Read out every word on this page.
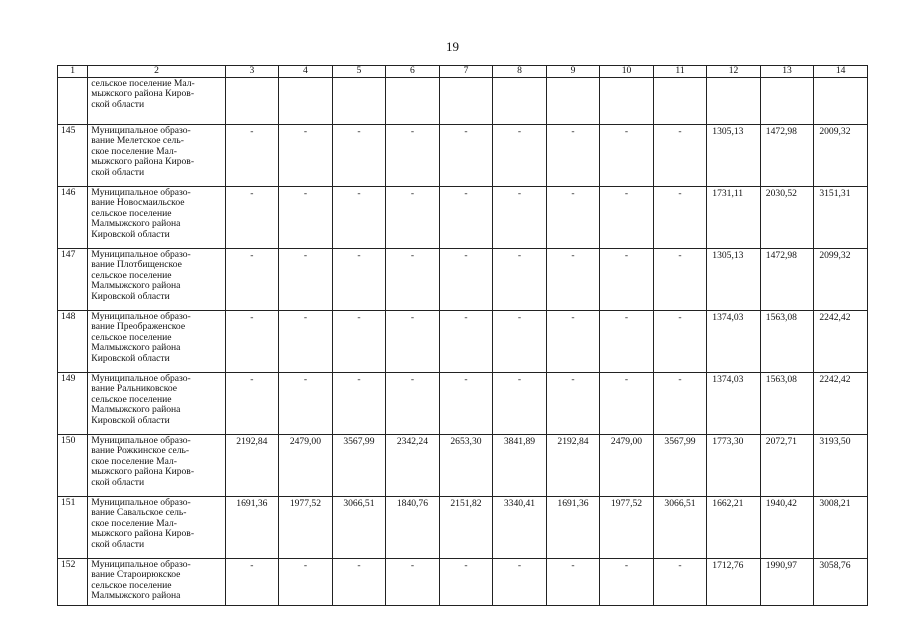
19
1	2	3	4	5	6	7	8	9	10	11	12	13	14

	сельское поселение Мал-
мыжского района Киров-
ской области												

145	Муниципальное образо-
вание Мелетское сель-
ское поселение Мал-
мыжского района Киров-
ской области	-	-	-	-	-	-	-	-	-	1305,13	1472,98	2009,32
146	Муниципальное образо-
вание Новосмаильское
сельское поселение
Малмыжского района
Кировской области	-	-	-	-	-	-	-	-	-	1731,11	2030,52	3151,31
147	Муниципальное образо-
вание Плотбищенское
сельское поселение
Малмыжского района
Кировской области	-	-	-	-	-	-	-	-	-	1305,13	1472,98	2099,32
148	Муниципальное образо-
вание Преображенское
сельское поселение
Малмыжского района
Кировской области	-	-	-	-	-	-	-	-	-	1374,03	1563,08	2242,42
149	Муниципальное образо-
вание Ральниковское
сельское поселение
Малмыжского района
Кировской области	-	-	-	-	-	-	-	-	-	1374,03	1563,08	2242,42
150	Муниципальное образо-
вание Рожкинское сель-
ское поселение Мал-
мыжского района Киров-
ской области	2192,84	2479,00	3567,99	2342,24	2653,30	3841,89	2192,84	2479,00	3567,99	1773,30	2072,71	3193,50
151	Муниципальное образо-
вание Савальское сель-
ское поселение Мал-
мыжского района Киров-
ской области	1691,36	1977,52	3066,51	1840,76	2151,82	3340,41	1691,36	1977,52	3066,51	1662,21	1940,42	3008,21
152	Муниципальное образо-
вание Староирюкское
сельское поселение
Малмыжского района	-	-	-	-	-	-	-	-	-	1712,76	1990,97	3058,76
